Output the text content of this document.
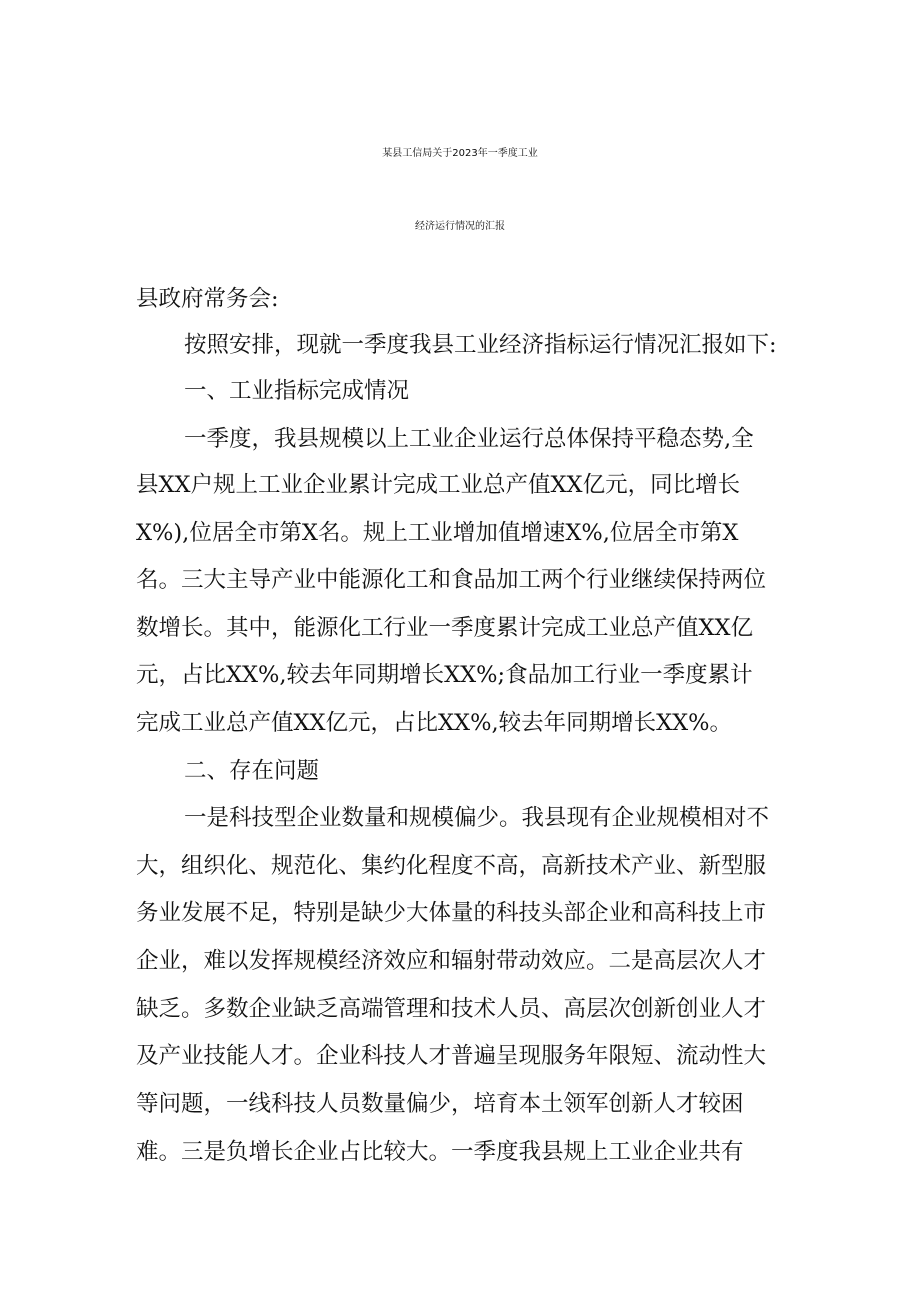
某县工信局关于2023年一季度工业
经济运行情况的汇报
县政府常务会:
按照安排，现就一季度我县工业经济指标运行情况汇报如下:
一、工业指标完成情况
一季度，我县规模以上工业企业运行总体保持平稳态势,全
县XX户规上工业企业累计完成工业总产值XX亿元，同比增长
X%),位居全市第X名。规上工业增加值增速X%,位居全市第X
名。三大主导产业中能源化工和食品加工两个行业继续保持两位
数增长。其中，能源化工行业一季度累计完成工业总产值XX亿
元，占比XX%,较去年同期增长XX%;食品加工行业一季度累计
完成工业总产值XX亿元，占比XX%,较去年同期增长XX%。
二、存在问题
一是科技型企业数量和规模偏少。我县现有企业规模相对不
大，组织化、规范化、集约化程度不高，高新技术产业、新型服
务业发展不足，特别是缺少大体量的科技头部企业和高科技上市
企业，难以发挥规模经济效应和辐射带动效应。二是高层次人才
缺乏。多数企业缺乏高端管理和技术人员、高层次创新创业人才
及产业技能人才。企业科技人才普遍呈现服务年限短、流动性大
等问题，一线科技人员数量偏少，培育本土领军创新人才较困
难。三是负增长企业占比较大。一季度我县规上工业企业共有
